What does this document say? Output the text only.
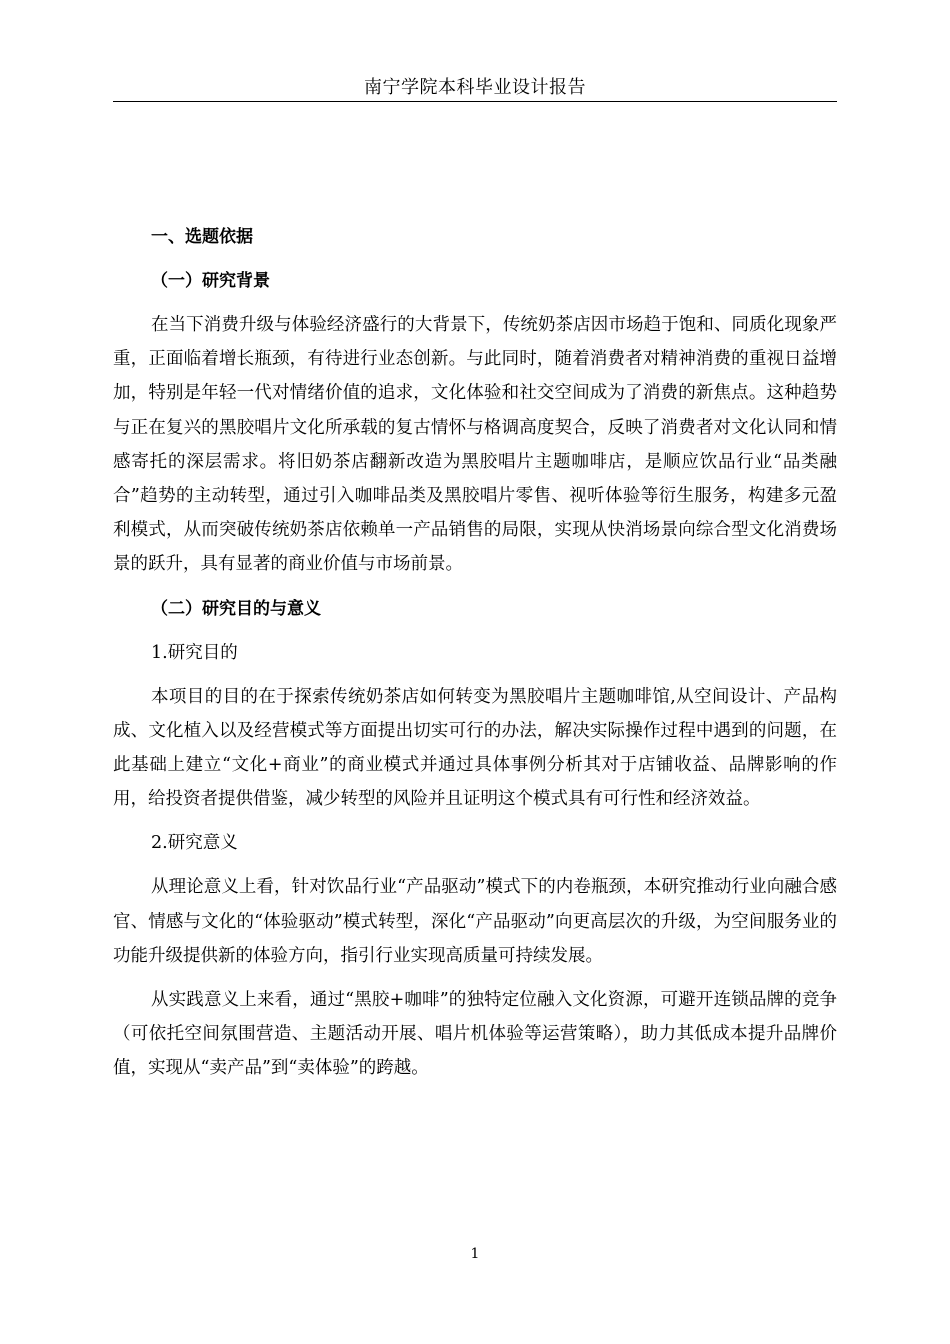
南宁学院本科毕业设计报告
一、选题依据
（一）研究背景

在当下消费升级与体验经济盛行的大背景下，传统奶茶店因市场趋于饱和、同质化现象严重，正面临着增长瓶颈，有待进行业态创新。与此同时，随着消费者对精神消费的重视日益增加，特别是年轻一代对情绪价值的追求，文化体验和社交空间成为了消费的新焦点。这种趋势与正在复兴的黑胶唱片文化所承载的复古情怀与格调高度契合，反映了消费者对文化认同和情感寄托的深层需求。将旧奶茶店翻新改造为黑胶唱片主题咖啡店，是顺应饮品行业“品类融合”趋势的主动转型，通过引入咖啡品类及黑胶唱片零售、视听体验等衍生服务，构建多元盈利模式，从而突破传统奶茶店依赖单一产品销售的局限，实现从快消场景向综合型文化消费场景的跃升，具有显著的商业价值与市场前景。

（二）研究目的与意义
1.研究目的

本项目的目的在于探索传统奶茶店如何转变为黑胶唱片主题咖啡馆,从空间设计、产品构成、文化植入以及经营模式等方面提出切实可行的办法，解决实际操作过程中遇到的问题，在此基础上建立“文化+商业”的商业模式并通过具体事例分析其对于店铺收益、品牌影响的作用，给投资者提供借鉴，减少转型的风险并且证明这个模式具有可行性和经济效益。

2.研究意义

从理论意义上看，针对饮品行业“产品驱动”模式下的内卷瓶颈，本研究推动行业向融合感官、情感与文化的“体验驱动”模式转型，深化“产品驱动”向更高层次的升级，为空间服务业的功能升级提供新的体验方向，指引行业实现高质量可持续发展。

从实践意义上来看，通过“黑胶+咖啡”的独特定位融入文化资源，可避开连锁品牌的竞争（可依托空间氛围营造、主题活动开展、唱片机体验等运营策略），助力其低成本提升品牌价值，实现从“卖产品”到“卖体验”的跨越。

1
